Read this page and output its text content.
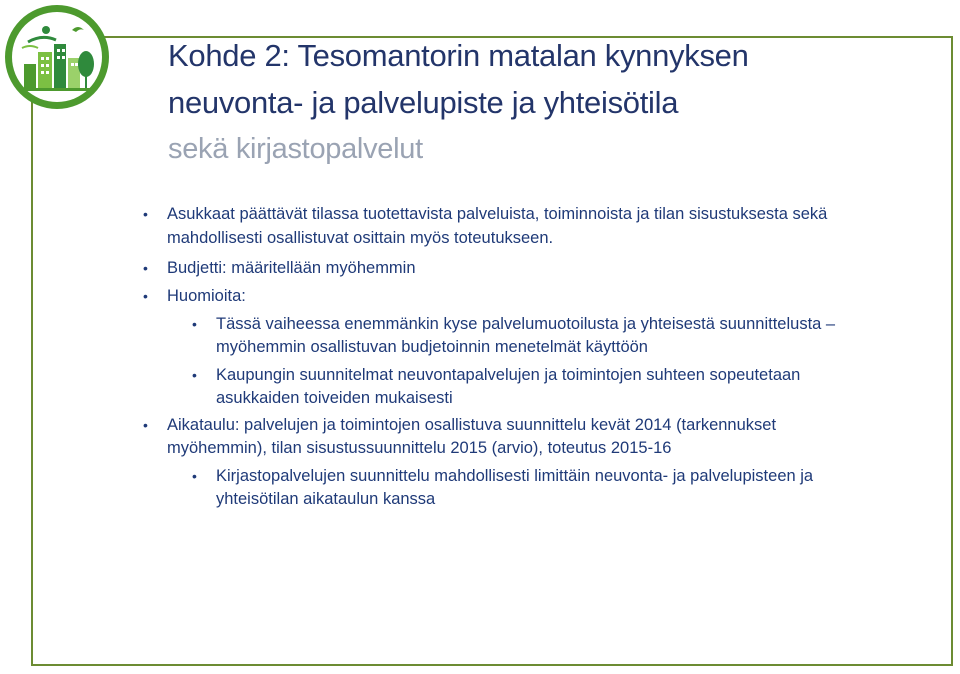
Kohde 2: Tesomantorin matalan kynnyksen
neuvonta- ja palvelupiste ja yhteisötila
sekä kirjastopalvelut
• Asukkaat päättävät tilassa tuotettavista palveluista, toiminnoista ja tilan sisustuksesta sekä
mahdollisesti osallistuvat osittain myös toteutukseen.
• Budjetti: määritellään myöhemmin
• Huomioita:
• Tässä vaiheessa enemmänkin kyse palvelumuotoilusta ja yhteisestä suunnittelusta –
myöhemmin osallistuvan budjetoinnin menetelmät käyttöön
• Kaupungin suunnitelmat neuvontapalvelujen ja toimintojen suhteen sopeutetaan
asukkaiden toiveiden mukaisesti
• Aikataulu: palvelujen ja toimintojen osallistuva suunnittelu kevät 2014 (tarkennukset
myöhemmin), tilan sisustussuunnittelu 2015 (arvio), toteutus 2015-16
• Kirjastopalvelujen suunnittelu mahdollisesti limittäin neuvonta- ja palvelupisteen ja
yhteisötilan aikataulun kanssa
